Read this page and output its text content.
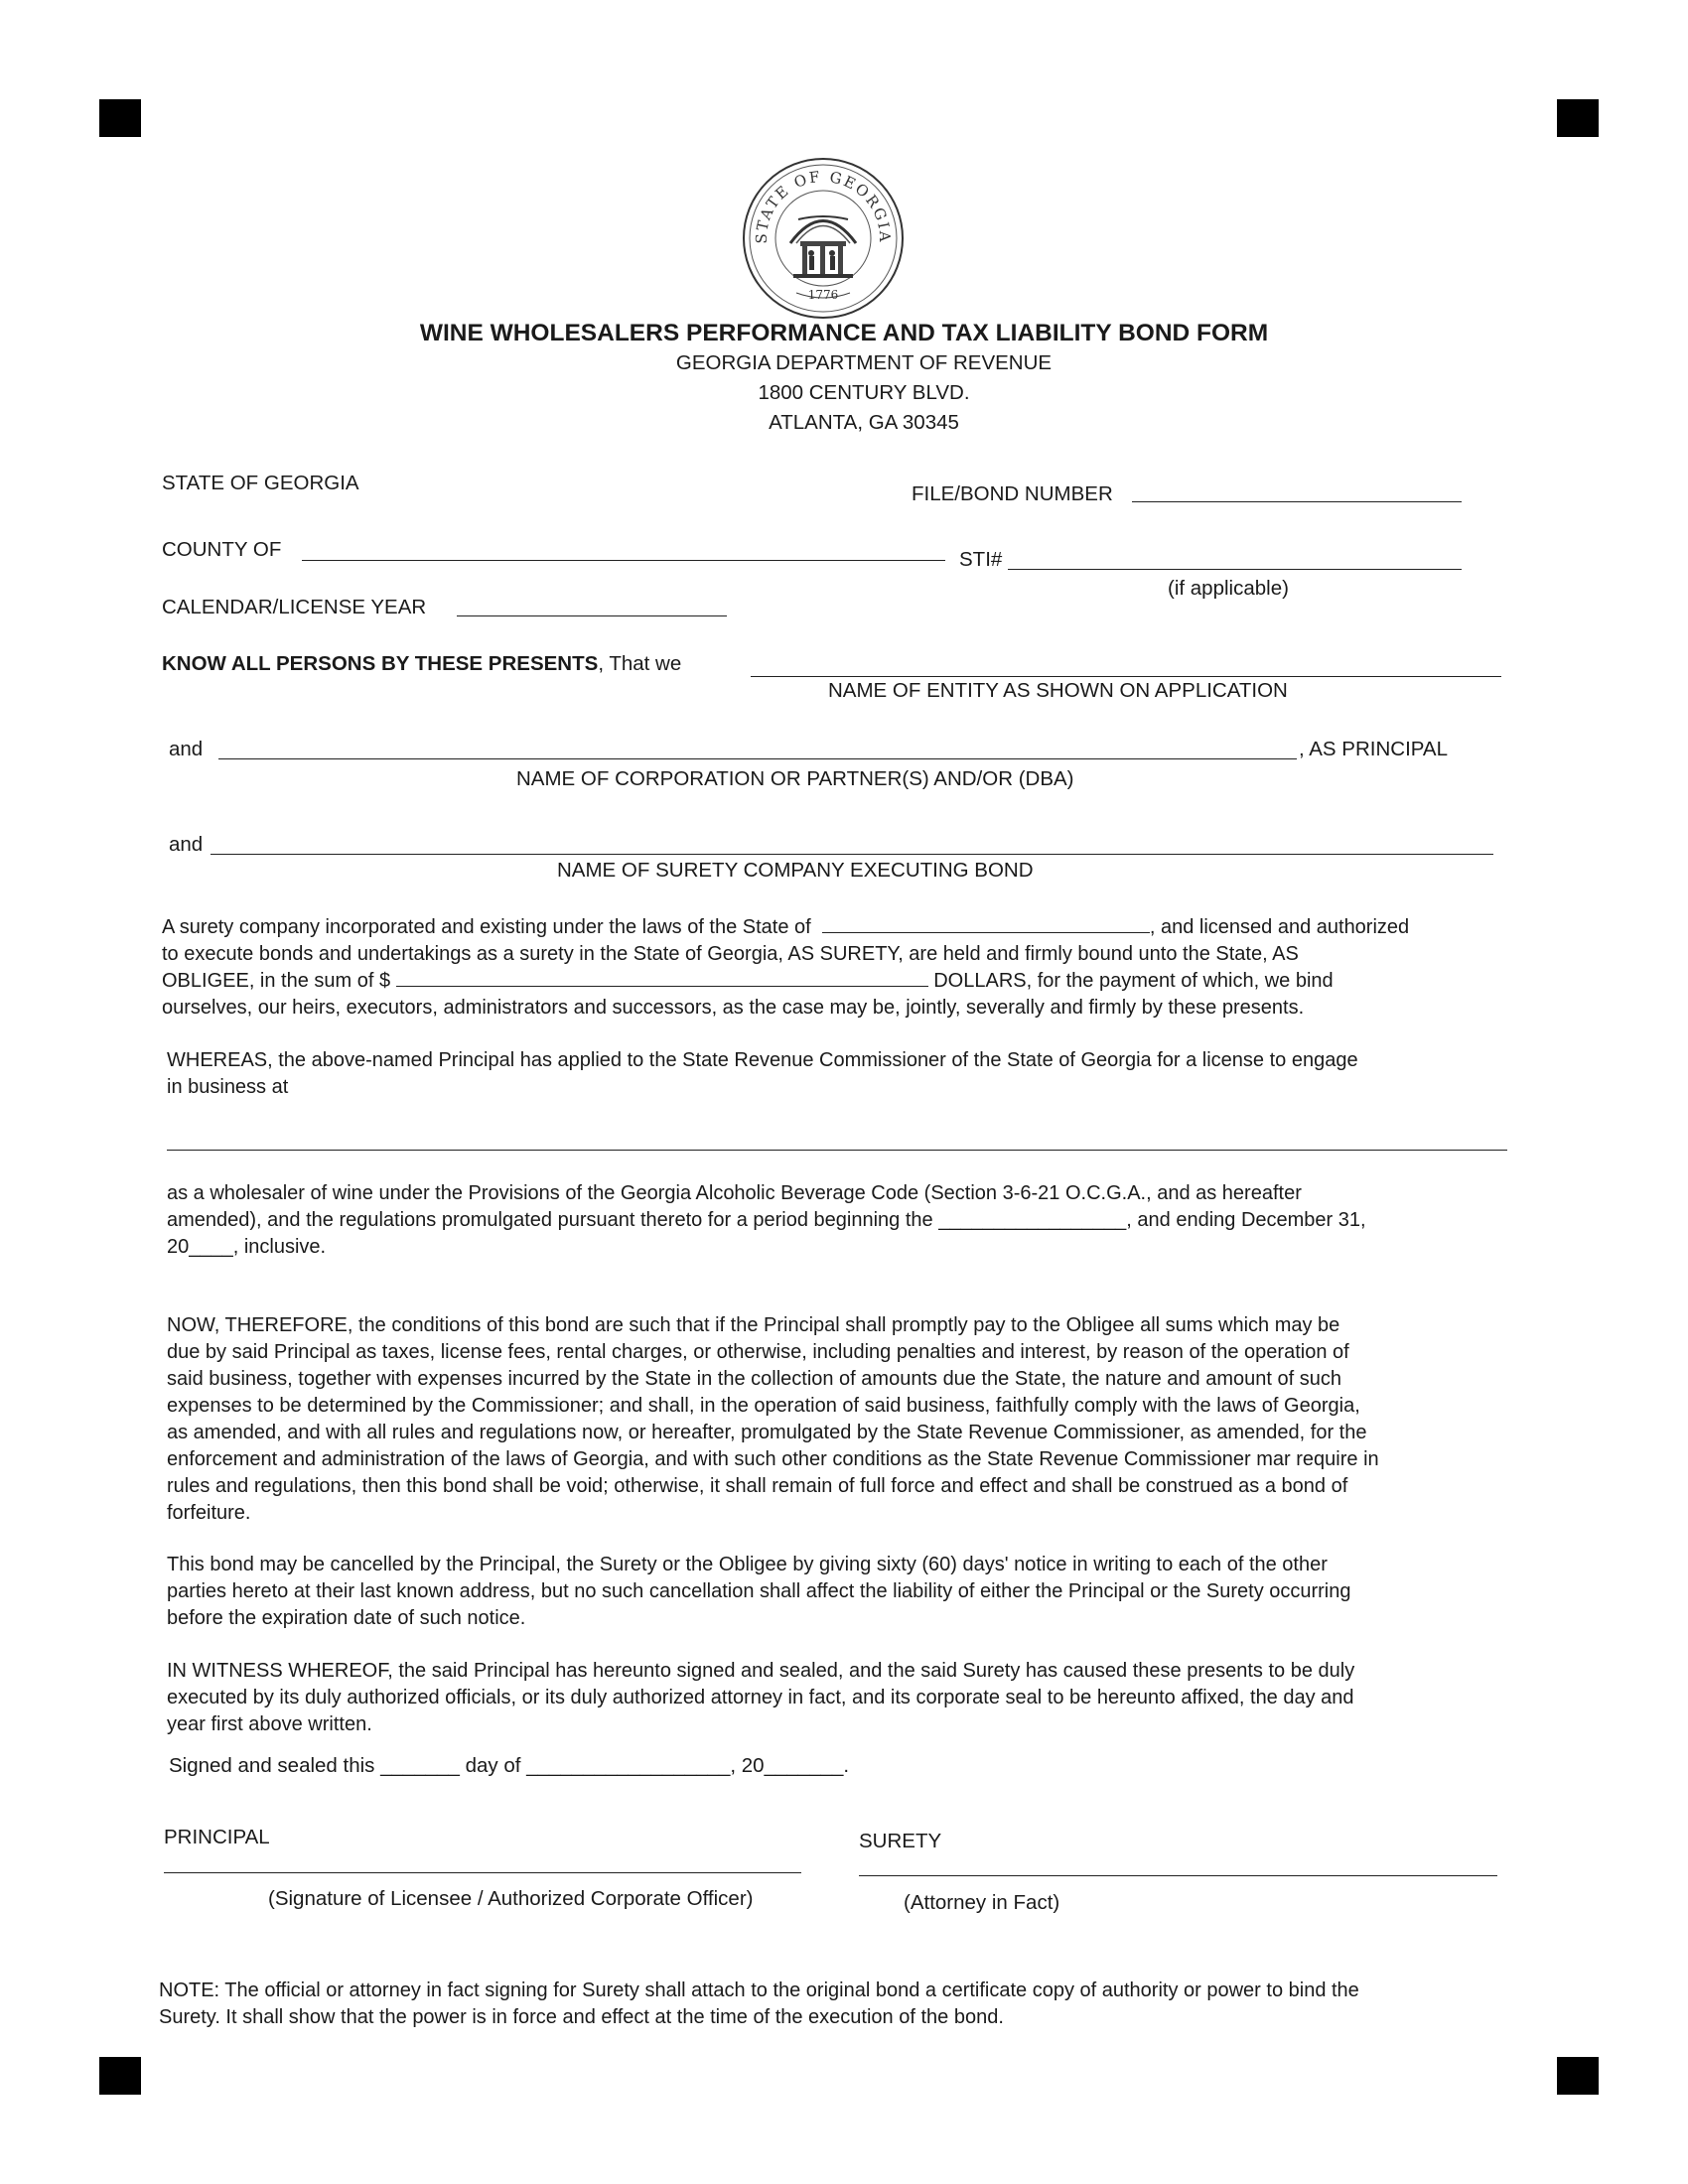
STATE OF GEORGIA
1776
WINE WHOLESALERS PERFORMANCE AND TAX LIABILITY BOND FORM
GEORGIA DEPARTMENT OF REVENUE
1800 CENTURY BLVD.
ATLANTA, GA 30345
STATE OF GEORGIA	FILE/BOND NUMBER
COUNTY OF	STI#
(if applicable)
CALENDAR/LICENSE YEAR
KNOW ALL PERSONS BY THESE PRESENTS, That we
NAME OF ENTITY AS SHOWN ON APPLICATION
and	, AS PRINCIPAL
NAME OF CORPORATION OR PARTNER(S) AND/OR (DBA)
and
NAME OF SURETY COMPANY EXECUTING BOND
A surety company incorporated and existing under the laws of the State of	, and licensed and authorized
to execute bonds and undertakings as a surety in the State of Georgia, AS SURETY, are held and firmly bound unto the State, AS
OBLIGEE, in the sum of $	DOLLARS, for the payment of which, we bind
ourselves, our heirs, executors, administrators and successors, as the case may be, jointly, severally and firmly by these presents.
WHEREAS, the above-named Principal has applied to the State Revenue Commissioner of the State of Georgia for a license to engage
in business at
as a wholesaler of wine under the Provisions of the Georgia Alcoholic Beverage Code (Section 3-6-21 O.C.G.A., and as hereafter
amended), and the regulations promulgated pursuant thereto for a period beginning the _________________, and ending December 31,
20____, inclusive.
NOW, THEREFORE, the conditions of this bond are such that if the Principal shall promptly pay to the Obligee all sums which may be
due by said Principal as taxes, license fees, rental charges, or otherwise, including penalties and interest, by reason of the operation of
said business, together with expenses incurred by the State in the collection of amounts due the State, the nature and amount of such
expenses to be determined by the Commissioner; and shall, in the operation of said business, faithfully comply with the laws of Georgia,
as amended, and with all rules and regulations now, or hereafter, promulgated by the State Revenue Commissioner, as amended, for the
enforcement and administration of the laws of Georgia, and with such other conditions as the State Revenue Commissioner mar require in
rules and regulations, then this bond shall be void; otherwise, it shall remain of full force and effect and shall be construed as a bond of
forfeiture.
This bond may be cancelled by the Principal, the Surety or the Obligee by giving sixty (60) days' notice in writing to each of the other
parties hereto at their last known address, but no such cancellation shall affect the liability of either the Principal or the Surety occurring
before the expiration date of such notice.
IN WITNESS WHEREOF, the said Principal has hereunto signed and sealed, and the said Surety has caused these presents to be duly
executed by its duly authorized officials, or its duly authorized attorney in fact, and its corporate seal to be hereunto affixed, the day and
year first above written.
Signed and sealed this _______ day of __________________, 20_______.
PRINCIPAL
(Signature of Licensee / Authorized Corporate Officer)
SURETY
(Attorney in Fact)
NOTE: The official or attorney in fact signing for Surety shall attach to the original bond a certificate copy of authority or power to bind the
Surety. It shall show that the power is in force and effect at the time of the execution of the bond.
